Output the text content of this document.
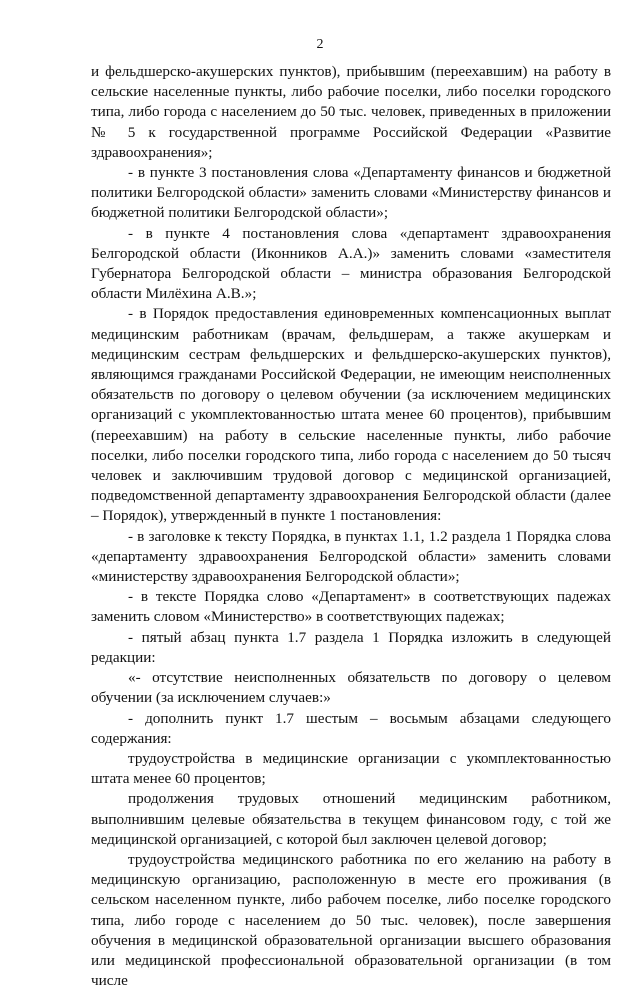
2

и фельдшерско-акушерских пунктов), прибывшим (переехавшим) на работу в сельские населенные пункты, либо рабочие поселки, либо поселки городского типа, либо города с населением до 50 тыс. человек, приведенных в приложении № 5 к государственной программе Российской Федерации «Развитие здравоохранения»;

- в пункте 3 постановления слова «Департаменту финансов и бюджетной политики Белгородской области» заменить словами «Министерству финансов и бюджетной политики Белгородской области»;

- в пункте 4 постановления слова «департамент здравоохранения Белгородской области (Иконников А.А.)» заменить словами «заместителя Губернатора Белгородской области – министра образования Белгородской области Милёхина А.В.»;

- в Порядок предоставления единовременных компенсационных выплат медицинским работникам (врачам, фельдшерам, а также акушеркам и медицинским сестрам фельдшерских и фельдшерско-акушерских пунктов), являющимся гражданами Российской Федерации, не имеющим неисполненных обязательств по договору о целевом обучении (за исключением медицинских организаций с укомплектованностью штата менее 60 процентов), прибывшим (переехавшим) на работу в сельские населенные пункты, либо рабочие поселки, либо поселки городского типа, либо города с населением до 50 тысяч человек и заключившим трудовой договор с медицинской организацией, подведомственной департаменту здравоохранения Белгородской области (далее – Порядок), утвержденный в пункте 1 постановления:

- в заголовке к тексту Порядка, в пунктах 1.1, 1.2 раздела 1 Порядка слова «департаменту здравоохранения Белгородской области» заменить словами «министерству здравоохранения Белгородской области»;

- в тексте Порядка слово «Департамент» в соответствующих падежах заменить словом «Министерство» в соответствующих падежах;

- пятый абзац пункта 1.7 раздела 1 Порядка изложить в следующей редакции:

«- отсутствие неисполненных обязательств по договору о целевом обучении (за исключением случаев:»

- дополнить пункт 1.7 шестым – восьмым абзацами следующего содержания:

трудоустройства в медицинские организации с укомплектованностью штата менее 60 процентов;

продолжения трудовых отношений медицинским работником, выполнившим целевые обязательства в текущем финансовом году, с той же медицинской организацией, с которой был заключен целевой договор;

трудоустройства медицинского работника по его желанию на работу в медицинскую организацию, расположенную в месте его проживания (в сельском населенном пункте, либо рабочем поселке, либо поселке городского типа, либо городе с населением до 50 тыс. человек), после завершения обучения в медицинской образовательной организации высшего образования или медицинской профессиональной образовательной организации (в том числе
